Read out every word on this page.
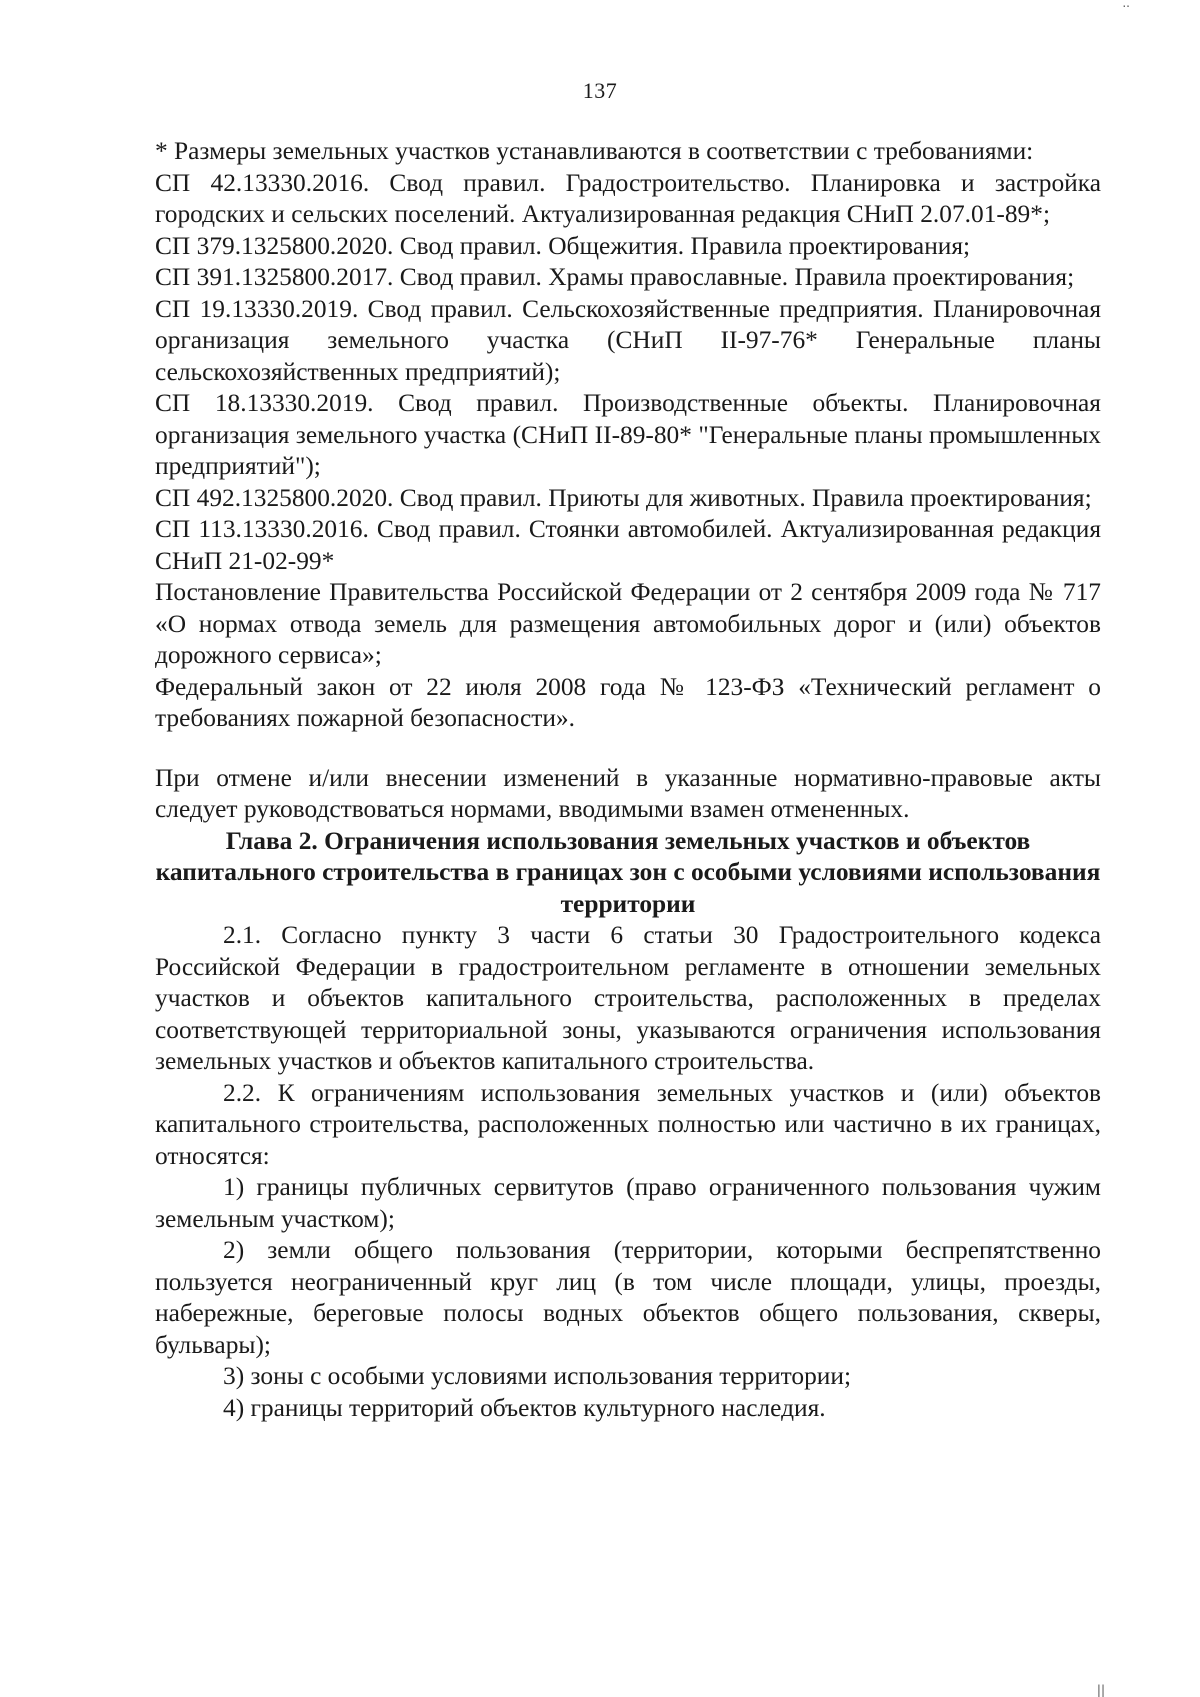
..
137

* Размеры земельных участков устанавливаются в соответствии с требованиями:

СП 42.13330.2016. Свод правил. Градостроительство. Планировка и застройка городских и сельских поселений. Актуализированная редакция СНиП 2.07.01-89*;

СП 379.1325800.2020. Свод правил. Общежития. Правила проектирования;

СП 391.1325800.2017. Свод правил. Храмы православные. Правила проектирования;

СП 19.13330.2019. Свод правил. Сельскохозяйственные предприятия. Планировочная организация земельного участка (СНиП II-97-76* Генеральные планы сельскохозяйственных предприятий);

СП 18.13330.2019. Свод правил. Производственные объекты. Планировочная организация земельного участка (СНиП II-89-80* "Генеральные планы промышленных предприятий");

СП 492.1325800.2020. Свод правил. Приюты для животных. Правила проектирования;

СП 113.13330.2016. Свод правил. Стоянки автомобилей. Актуализированная редакция СНиП 21-02-99*

Постановление Правительства Российской Федерации от 2 сентября 2009 года № 717 «О нормах отвода земель для размещения автомобильных дорог и (или) объектов дорожного сервиса»;

Федеральный закон от 22 июля 2008 года № 123-ФЗ «Технический регламент о требованиях пожарной безопасности».

При отмене и/или внесении изменений в указанные нормативно-правовые акты следует руководствоваться нормами, вводимыми взамен отмененных.

Глава 2. Ограничения использования земельных участков и объектов капитального строительства в границах зон с особыми условиями использования территории

2.1. Согласно пункту 3 части 6 статьи 30 Градостроительного кодекса Российской Федерации в градостроительном регламенте в отношении земельных участков и объектов капитального строительства, расположенных в пределах соответствующей территориальной зоны, указываются ограничения использования земельных участков и объектов капитального строительства.

2.2. К ограничениям использования земельных участков и (или) объектов капитального строительства, расположенных полностью или частично в их границах, относятся:

1) границы публичных сервитутов (право ограниченного пользования чужим земельным участком);

2) земли общего пользования (территории, которыми беспрепятственно пользуется неограниченный круг лиц (в том числе площади, улицы, проезды, набережные, береговые полосы водных объектов общего пользования, скверы, бульвары);

3) зоны с особыми условиями использования территории;

4) границы территорий объектов культурного наследия.

||
